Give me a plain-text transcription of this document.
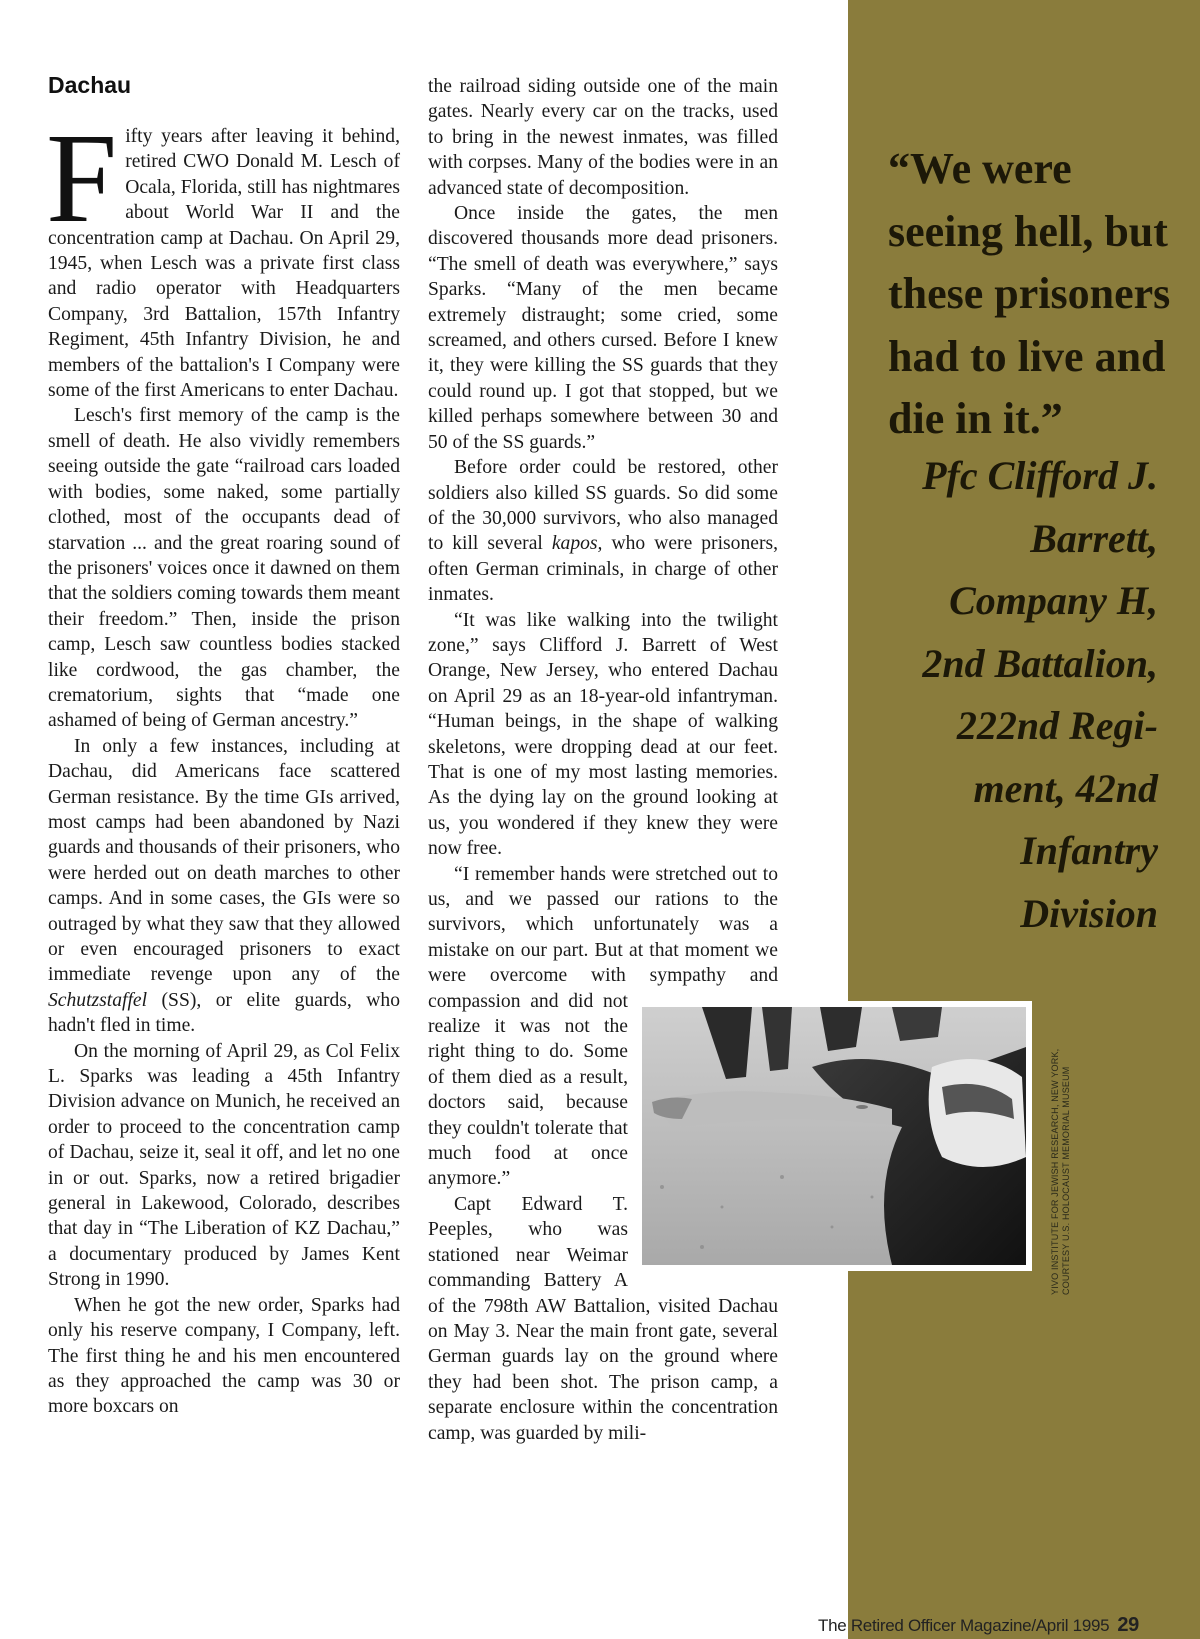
Dachau

Fifty years after leaving it behind, retired CWO Donald M. Lesch of Ocala, Florida, still has nightmares about World War II and the concentration camp at Dachau. On April 29, 1945, when Lesch was a private first class and radio operator with Headquarters Company, 3rd Battalion, 157th Infantry Regiment, 45th Infantry Division, he and members of the battalion's I Company were some of the first Americans to enter Dachau.

Lesch's first memory of the camp is the smell of death. He also vividly remembers seeing outside the gate “railroad cars loaded with bodies, some naked, some partially clothed, most of the occupants dead of starvation ... and the great roaring sound of the prisoners' voices once it dawned on them that the soldiers coming towards them meant their freedom.” Then, inside the prison camp, Lesch saw countless bodies stacked like cordwood, the gas chamber, the crematorium, sights that “made one ashamed of being of German ancestry.”

In only a few instances, including at Dachau, did Americans face scattered German resistance. By the time GIs arrived, most camps had been abandoned by Nazi guards and thousands of their prisoners, who were herded out on death marches to other camps. And in some cases, the GIs were so outraged by what they saw that they allowed or even encouraged prisoners to exact immediate revenge upon any of the Schutzstaffel (SS), or elite guards, who hadn't fled in time.

On the morning of April 29, as Col Felix L. Sparks was leading a 45th Infantry Division advance on Munich, he received an order to proceed to the concentration camp of Dachau, seize it, seal it off, and let no one in or out. Sparks, now a retired brigadier general in Lakewood, Colorado, describes that day in “The Liberation of KZ Dachau,” a documentary produced by James Kent Strong in 1990.

When he got the new order, Sparks had only his reserve company, I Company, left. The first thing he and his men encountered as they approached the camp was 30 or more boxcars on

the railroad siding outside one of the main gates. Nearly every car on the tracks, used to bring in the newest inmates, was filled with corpses. Many of the bodies were in an advanced state of decomposition.

Once inside the gates, the men discovered thousands more dead prisoners. “The smell of death was everywhere,” says Sparks. “Many of the men became extremely distraught; some cried, some screamed, and others cursed. Before I knew it, they were killing the SS guards that they could round up. I got that stopped, but we killed perhaps somewhere between 30 and 50 of the SS guards.”

Before order could be restored, other soldiers also killed SS guards. So did some of the 30,000 survivors, who also managed to kill several kapos, who were prisoners, often German criminals, in charge of other inmates.

“It was like walking into the twilight zone,” says Clifford J. Barrett of West Orange, New Jersey, who entered Dachau on April 29 as an 18-year-old infantryman. “Human beings, in the shape of walking skeletons, were dropping dead at our feet. That is one of my most lasting memories. As the dying lay on the ground looking at us, you wondered if they knew they were now free.

“I remember hands were stretched out to us, and we passed our rations to the survivors, which unfortunately was a mistake on our part. But at that moment we were overcome with sympathy and compassion and did not realize it was not the right thing to do. Some of them died as a result, doctors said, because they couldn't tolerate that much food at once anymore.”

Capt Edward T. Peeples, who was stationed near Weimar commanding Battery A of the 798th AW Battalion, visited Dachau on May 3. Near the main front gate, several German guards lay on the ground where they had been shot. The prison camp, a separate enclosure within the concentration camp, was guarded by mili-

YIVO INSTITUTE FOR JEWISH RESEARCH, NEW YORK, COURTESY U.S. HOLOCAUST MEMORIAL MUSEUM

“We were seeing hell, but these prisoners had to live and die in it.”

Pfc Clifford J.
Barrett,
Company H,
2nd Battalion,
222nd Regi-
ment, 42nd
Infantry
Division

The Retired Officer Magazine/April 1995 29
